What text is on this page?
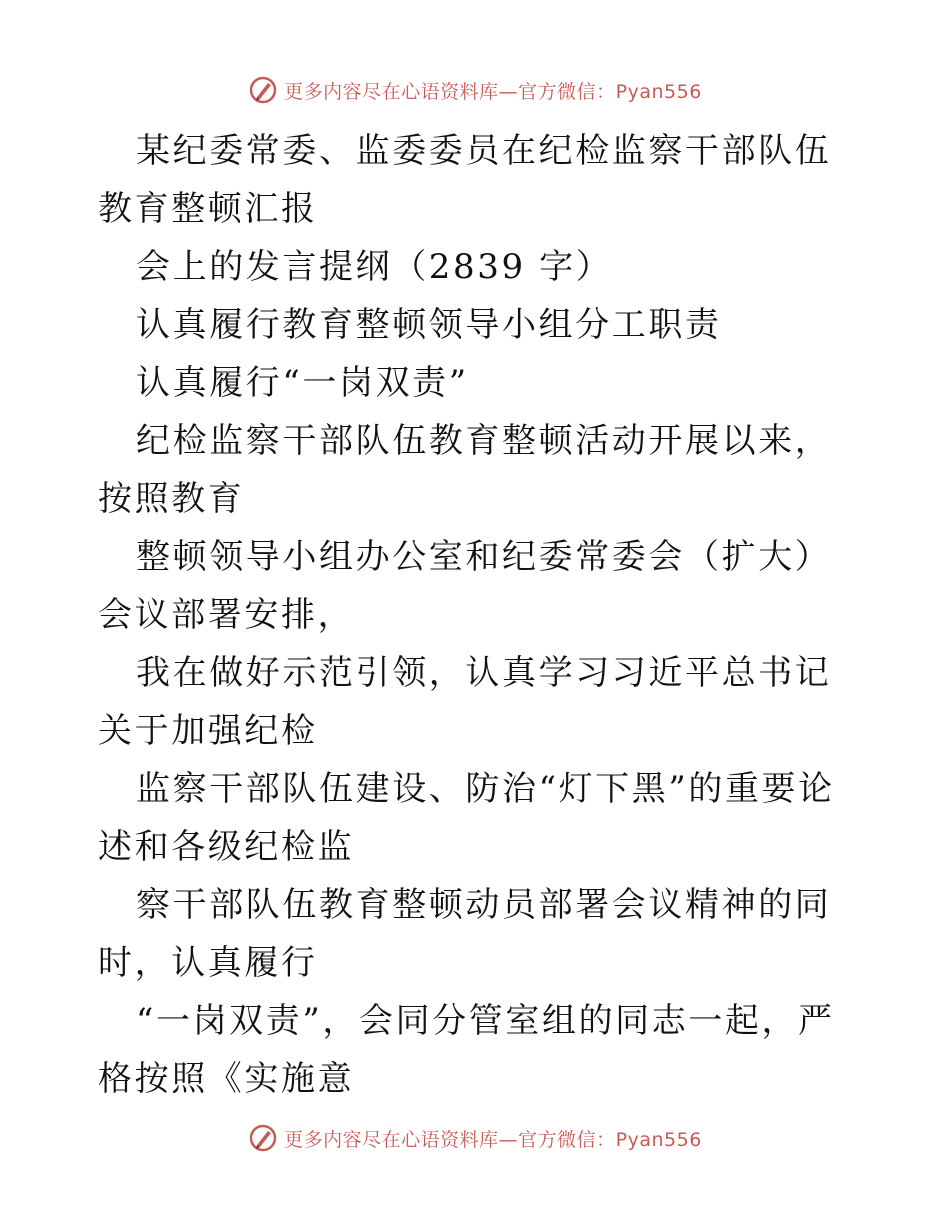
更多内容尽在心语资料库—官方微信：Pyan556

某纪委常委、监委委员在纪检监察干部队伍教育整顿汇报

会上的发言提纲（2839 字）

认真履行教育整顿领导小组分工职责

认真履行“一岗双责”

纪检监察干部队伍教育整顿活动开展以来，按照教育

整顿领导小组办公室和纪委常委会（扩大）会议部署安排，

我在做好示范引领，认真学习习近平总书记关于加强纪检

监察干部队伍建设、防治“灯下黑”的重要论述和各级纪检监

察干部队伍教育整顿动员部署会议精神的同时，认真履行

“一岗双责”，会同分管室组的同志一起，严格按照《实施意

更多内容尽在心语资料库—官方微信：Pyan556
